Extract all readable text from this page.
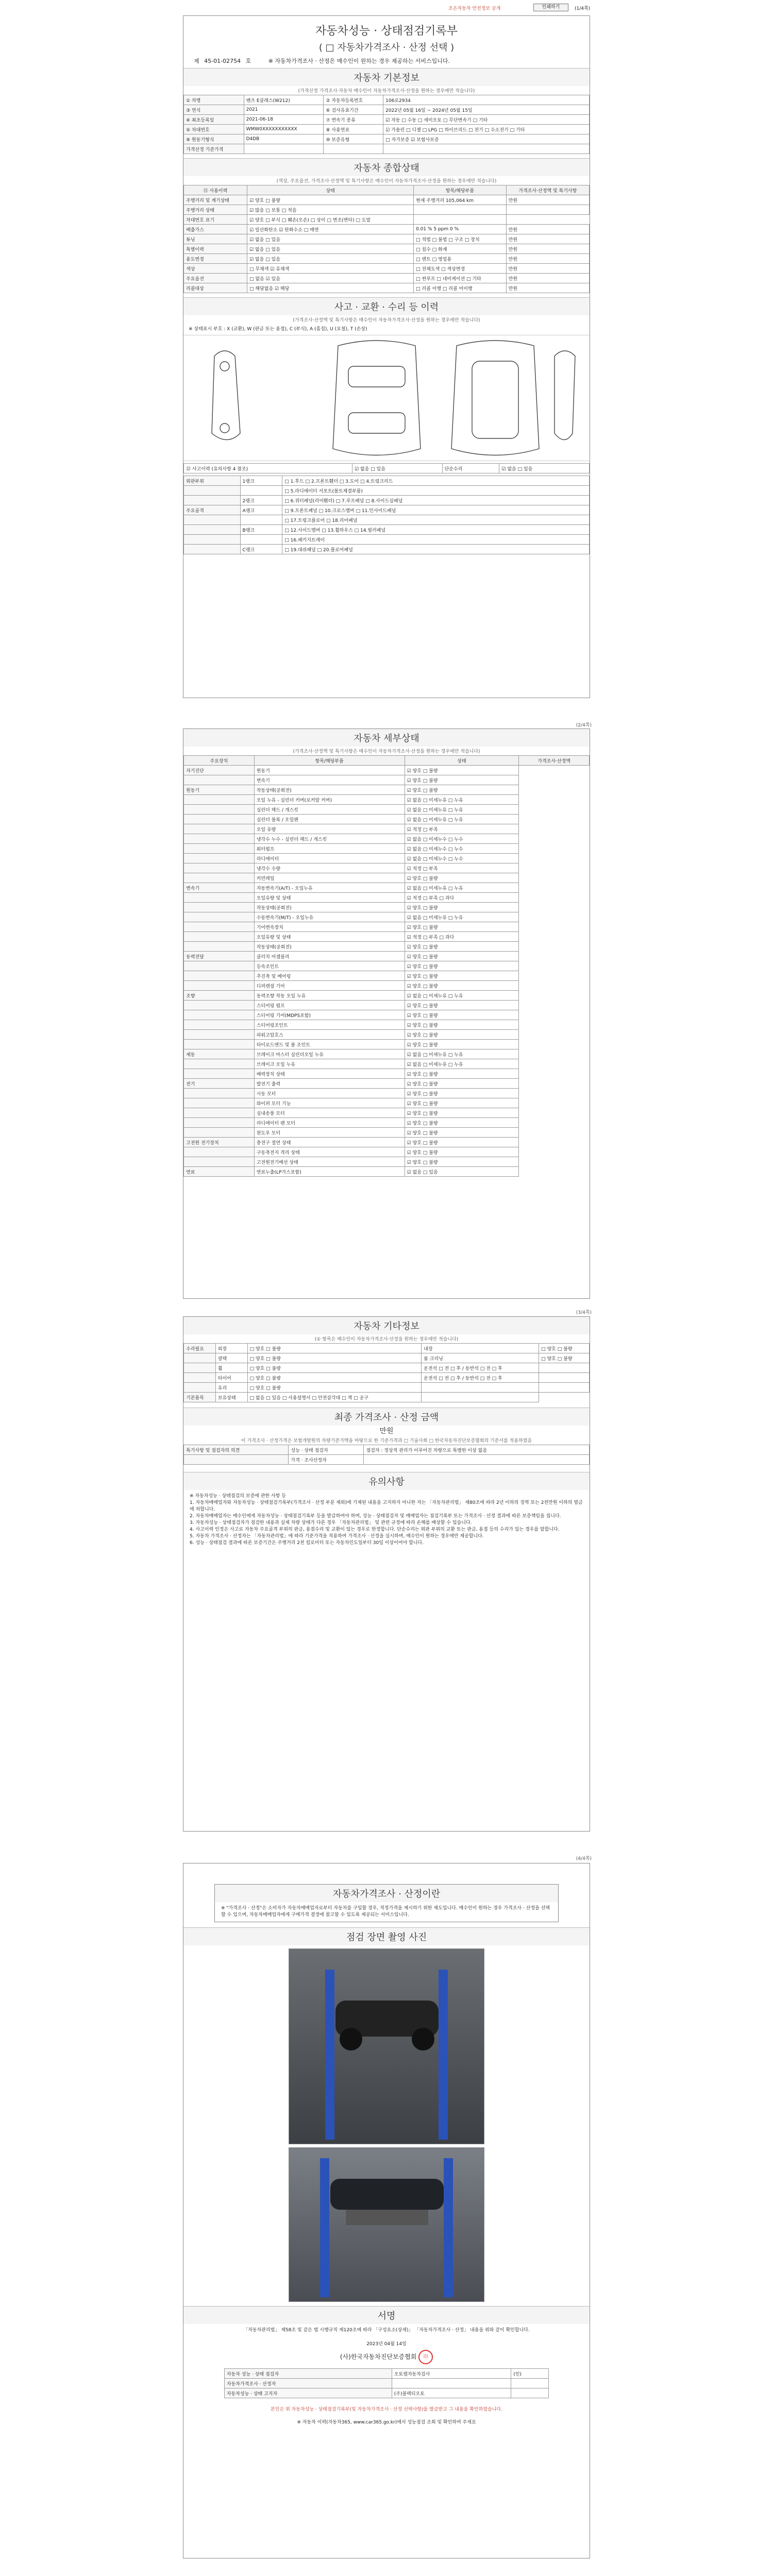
조은자동차 안전정보 공개	인쇄하기	(1/4쪽)
자동차성능 · 상태점검기록부
( □ 자동차가격조사 · 산정 선택 )
제 45-01-02754 호	※ 자동차가격조사 · 산정은 매수인이 원하는 경우 제공하는 서비스입니다.
자동차 기본정보
(가격산정 가격조사·자동차 매수인이 자동차가격조사·산정을 원하는 경우에만 적습니다)
① 차명	벤츠 E클래스(W212)	② 자동차등록번호	106로2934
③ 연식	2021	⑥ 검사유효기간	2022년 05월 16일 ~ 2024년 05월 15일
④ 최초등록일	2021-06-18	⑦ 변속기 종류	☑ 자동 □ 수동 □ 세미오토 □ 무단변속기 □ 기타
⑤ 차대번호	WMW0XXXXXXXXXXX	⑧ 사용연료	☑ 가솔린 □ 디젤 □ LPG □ 하이브리드 □ 전기 □ 수소전기 □ 기타
⑨ 원동기형식	D4DB	⑩ 보증유형	□ 자가보증 ☑ 보험사보증
가격산정 기준가격			
자동차 종합상태
(색상, 주요옵션, 가격조사·산정액 및 특기사항은 매수인이 자동차가격조사·산정을 원하는 경우에만 적습니다)
⑪ 사용이력	상태	항목/해당부품	가격조사·산정액 및 특기사항
주행거리 및 계기상태	☑ 양호 □ 불량	현재 주행거리 105,064 km	만원
주행거리 상태	☑ 많음 □ 보통 □ 적음		
차대번호 표기	☑ 양호 □ 부식 □ 훼손(오손) □ 상이 □ 변조(변타) □ 도말		
배출가스	☑ 일산화탄소 ☑ 탄화수소 □ 매연	0.01 % 5 ppm 0 %	만원
튜닝	☑ 없음 □ 있음	□ 적법 □ 불법 □ 구조 □ 장치	만원
특별이력	☑ 없음 □ 있음	□ 침수 □ 화재	만원
용도변경	☑ 없음 □ 있음	□ 렌트 □ 영업용	만원
색상	□ 무채색 ☑ 유채색	□ 전체도색 □ 색상변경	만원
주요옵션	□ 없음 ☑ 있음	□ 썬루프 □ 네비게이션 □ 기타	만원
리콜대상	□ 해당없음 ☑ 해당	□ 리콜 이행 □ 리콜 미이행	만원
사고 · 교환 · 수리 등 이력
(가격조사·산정액 및 특기사항은 매수인이 자동차가격조사·산정을 원하는 경우에만 적습니다)
※ 상태표시 부호 : X (교환), W (판금 또는 용접), C (부식), A (흠집), U (요철), T (손상)
⑫ 사고이력 (유의사항 4 참조)	☑ 없음 □ 있음	단순수리	☑ 없음 □ 있음
외판부위	1랭크	□ 1.후드 □ 2.프론트휀더 □ 3.도어 □ 4.트렁크리드
		□ 5.라디에이터 서포트(볼트체결부품)
	2랭크	□ 6.쿼터패널(리어휀더) □ 7.루프패널 □ 8.사이드실패널
주요골격	A랭크	□ 9.프론트패널 □ 10.크로스멤버 □ 11.인사이드패널
		□ 17.트렁크플로어 □ 18.리어패널
	B랭크	□ 12.사이드멤버 □ 13.휠하우스 □ 14.필러패널
		□ 16.패키지트레이
	C랭크	□ 19.대쉬패널 □ 20.플로어패널
(2/4쪽)
자동차 세부상태
(가격조사·산정액 및 특기사항은 매수인이 자동차가격조사·산정을 원하는 경우에만 적습니다)
주요장치	항목/해당부품	상태	가격조사·산정액
자기진단	원동기	☑ 양호 □ 불량	
	변속기	☑ 양호 □ 불량	
원동기	작동상태(공회전)	☑ 양호 □ 불량	
	오일 누유 - 실린더 커버(로커암 커버)	☑ 없음 □ 미세누유 □ 누유	
	실린더 헤드 / 개스킷	☑ 없음 □ 미세누유 □ 누유	
	실린더 블록 / 오일팬	☑ 없음 □ 미세누유 □ 누유	
	오일 유량	☑ 적정 □ 부족	
	냉각수 누수 - 실린더 헤드 / 개스킷	☑ 없음 □ 미세누수 □ 누수	
	워터펌프	☑ 없음 □ 미세누수 □ 누수	
	라디에이터	☑ 없음 □ 미세누수 □ 누수	
	냉각수 수량	☑ 적정 □ 부족	
	커먼레일	☑ 양호 □ 불량	
변속기	자동변속기(A/T) - 오일누유	☑ 없음 □ 미세누유 □ 누유	
	오일유량 및 상태	☑ 적정 □ 부족 □ 과다	
	작동상태(공회전)	☑ 양호 □ 불량	
	수동변속기(M/T) - 오일누유	☑ 없음 □ 미세누유 □ 누유	
	기어변속장치	☑ 양호 □ 불량	
	오일유량 및 상태	☑ 적정 □ 부족 □ 과다	
	작동상태(공회전)	☑ 양호 □ 불량	
동력전달	클러치 어셈블리	☑ 양호 □ 불량	
	등속조인트	☑ 양호 □ 불량	
	추진축 및 베어링	☑ 양호 □ 불량	
	디퍼렌셜 기어	☑ 양호 □ 불량	
조향	동력조향 작동 오일 누유	☑ 없음 □ 미세누유 □ 누유	
	스티어링 펌프	☑ 양호 □ 불량	
	스티어링 기어(MDPS포함)	☑ 양호 □ 불량	
	스티어링조인트	☑ 양호 □ 불량	
	파워고압호스	☑ 양호 □ 불량	
	타이로드엔드 및 볼 조인트	☑ 양호 □ 불량	
제동	브레이크 마스터 실린더오일 누유	☑ 없음 □ 미세누유 □ 누유	
	브레이크 오일 누유	☑ 없음 □ 미세누유 □ 누유	
	배력장치 상태	☑ 양호 □ 불량	
전기	발전기 출력	☑ 양호 □ 불량	
	시동 모터	☑ 양호 □ 불량	
	와이퍼 모터 기능	☑ 양호 □ 불량	
	실내송풍 모터	☑ 양호 □ 불량	
	라디에이터 팬 모터	☑ 양호 □ 불량	
	윈도우 모터	☑ 양호 □ 불량	
고전원 전기장치	충전구 절연 상태	☑ 양호 □ 불량	
	구동축전지 격리 상태	☑ 양호 □ 불량	
	고전원전기배선 상태	☑ 양호 □ 불량	
연료	연료누출(LP가스포함)	☑ 없음 □ 있음	
(3/4쪽)
자동차 기타정보
(① 항목은 매수인이 자동차가격조사·산정을 원하는 경우에만 적습니다)
수리필요	외장	□ 양호 □ 불량	내장	□ 양호 □ 불량
	광택	□ 양호 □ 불량	룸 크리닝	□ 양호 □ 불량
	휠	□ 양호 □ 불량	운전석 □ 전 □ 후 / 동반석 □ 전 □ 후	
	타이어	□ 양호 □ 불량	운전석 □ 전 □ 후 / 동반석 □ 전 □ 후	
	유리	□ 양호 □ 불량		
기본품목	보유상태	□ 없음 □ 있음 □ 사용설명서 □ 안전삼각대 □ 잭 □ 공구		
최종 가격조사 · 산정 금액
만원
이 가격조사 · 산정가격은 보험개발원의 차량기준가액을 바탕으로 한 기준가격과 □ 기술사회 □ 한국자동차진단보증협회의 기준서를 적용하였음
특기사항 및 점검자의 의견	성능 · 상태 점검자	점검자 : 정상적 관리가 이루어진 차량으로 특별한 이상 없음
	가격 · 조사산정자	
유의사항
※ 자동차성능 · 상태점검의 보증에 관한 사항 등
1. 자동차매매업자와 자동차성능 · 상태점검기록부(가격조사 · 산정 부분 제외)에 기재된 내용을 고지하지 아니한 자는 「자동차관리법」 제80조에 따라 2년 이하의 징역 또는 2천만원 이하의 벌금에 처합니다.
2. 자동차매매업자는 매수인에게 자동차성능 · 상태점검기록부 등을 발급하여야 하며, 성능 · 상태점검자 및 매매업자는 점검기록부 또는 가격조사 · 산정 결과에 따른 보증책임을 집니다.
3. 자동차성능 · 상태점검자가 점검한 내용과 실제 차량 상태가 다른 경우 「자동차관리법」 및 관련 규정에 따라 손해를 배상할 수 있습니다.
4. 사고이력 인정은 사고로 자동차 주요골격 부위의 판금, 용접수리 및 교환이 있는 경우로 한정합니다. 단순수리는 외판 부위의 교환 또는 판금, 용접 등의 수리가 있는 경우를 말합니다.
5. 자동차 가격조사 · 산정자는 「자동차관리법」에 따라 기준가격을 적용하여 가격조사 · 산정을 실시하며, 매수인이 원하는 경우에만 제공합니다.
6. 성능 · 상태점검 결과에 따른 보증기간은 주행거리 2천 킬로미터 또는 자동차인도일부터 30일 이상이어야 합니다.
(4/4쪽)
자동차가격조사 · 산정이란
※ "가격조사 · 산정"은 소비자가 자동차매매업자로부터 자동차를 구입할 경우, 적정가격을 제시하기 위한 제도입니다. 매수인이 원하는 경우 가격조사 · 산정을 선택할 수 있으며, 자동차매매업자에게 구매가격 결정에 참고할 수 있도록 제공되는 서비스입니다.
점검 장면 촬영 사진
서명
「자동차관리법」 제58조 및 같은 법 시행규칙 제120조에 따라 「구성요소(상세)」 「자동차가격조사 · 산정」 내용을 위와 같이 확인합니다.
2023년 04월 14일
(사)한국자동차진단보증협회 印
자동차 성능 · 상태 점검자	오토캠자동차검사	(인)
자동차가격조사 · 산정자		
자동차성능 · 상태 고지자	(주)블랙티오토	
본인은 위 자동차성능 · 상태점검기록부(및 자동차가격조사 · 산정 선택사항)를 발급받고 그 내용을 확인하였습니다.
※ 자동차 이력(자동차365, www.car365.go.kr)에서 성능점검 조회 및 확인하여 주세요
